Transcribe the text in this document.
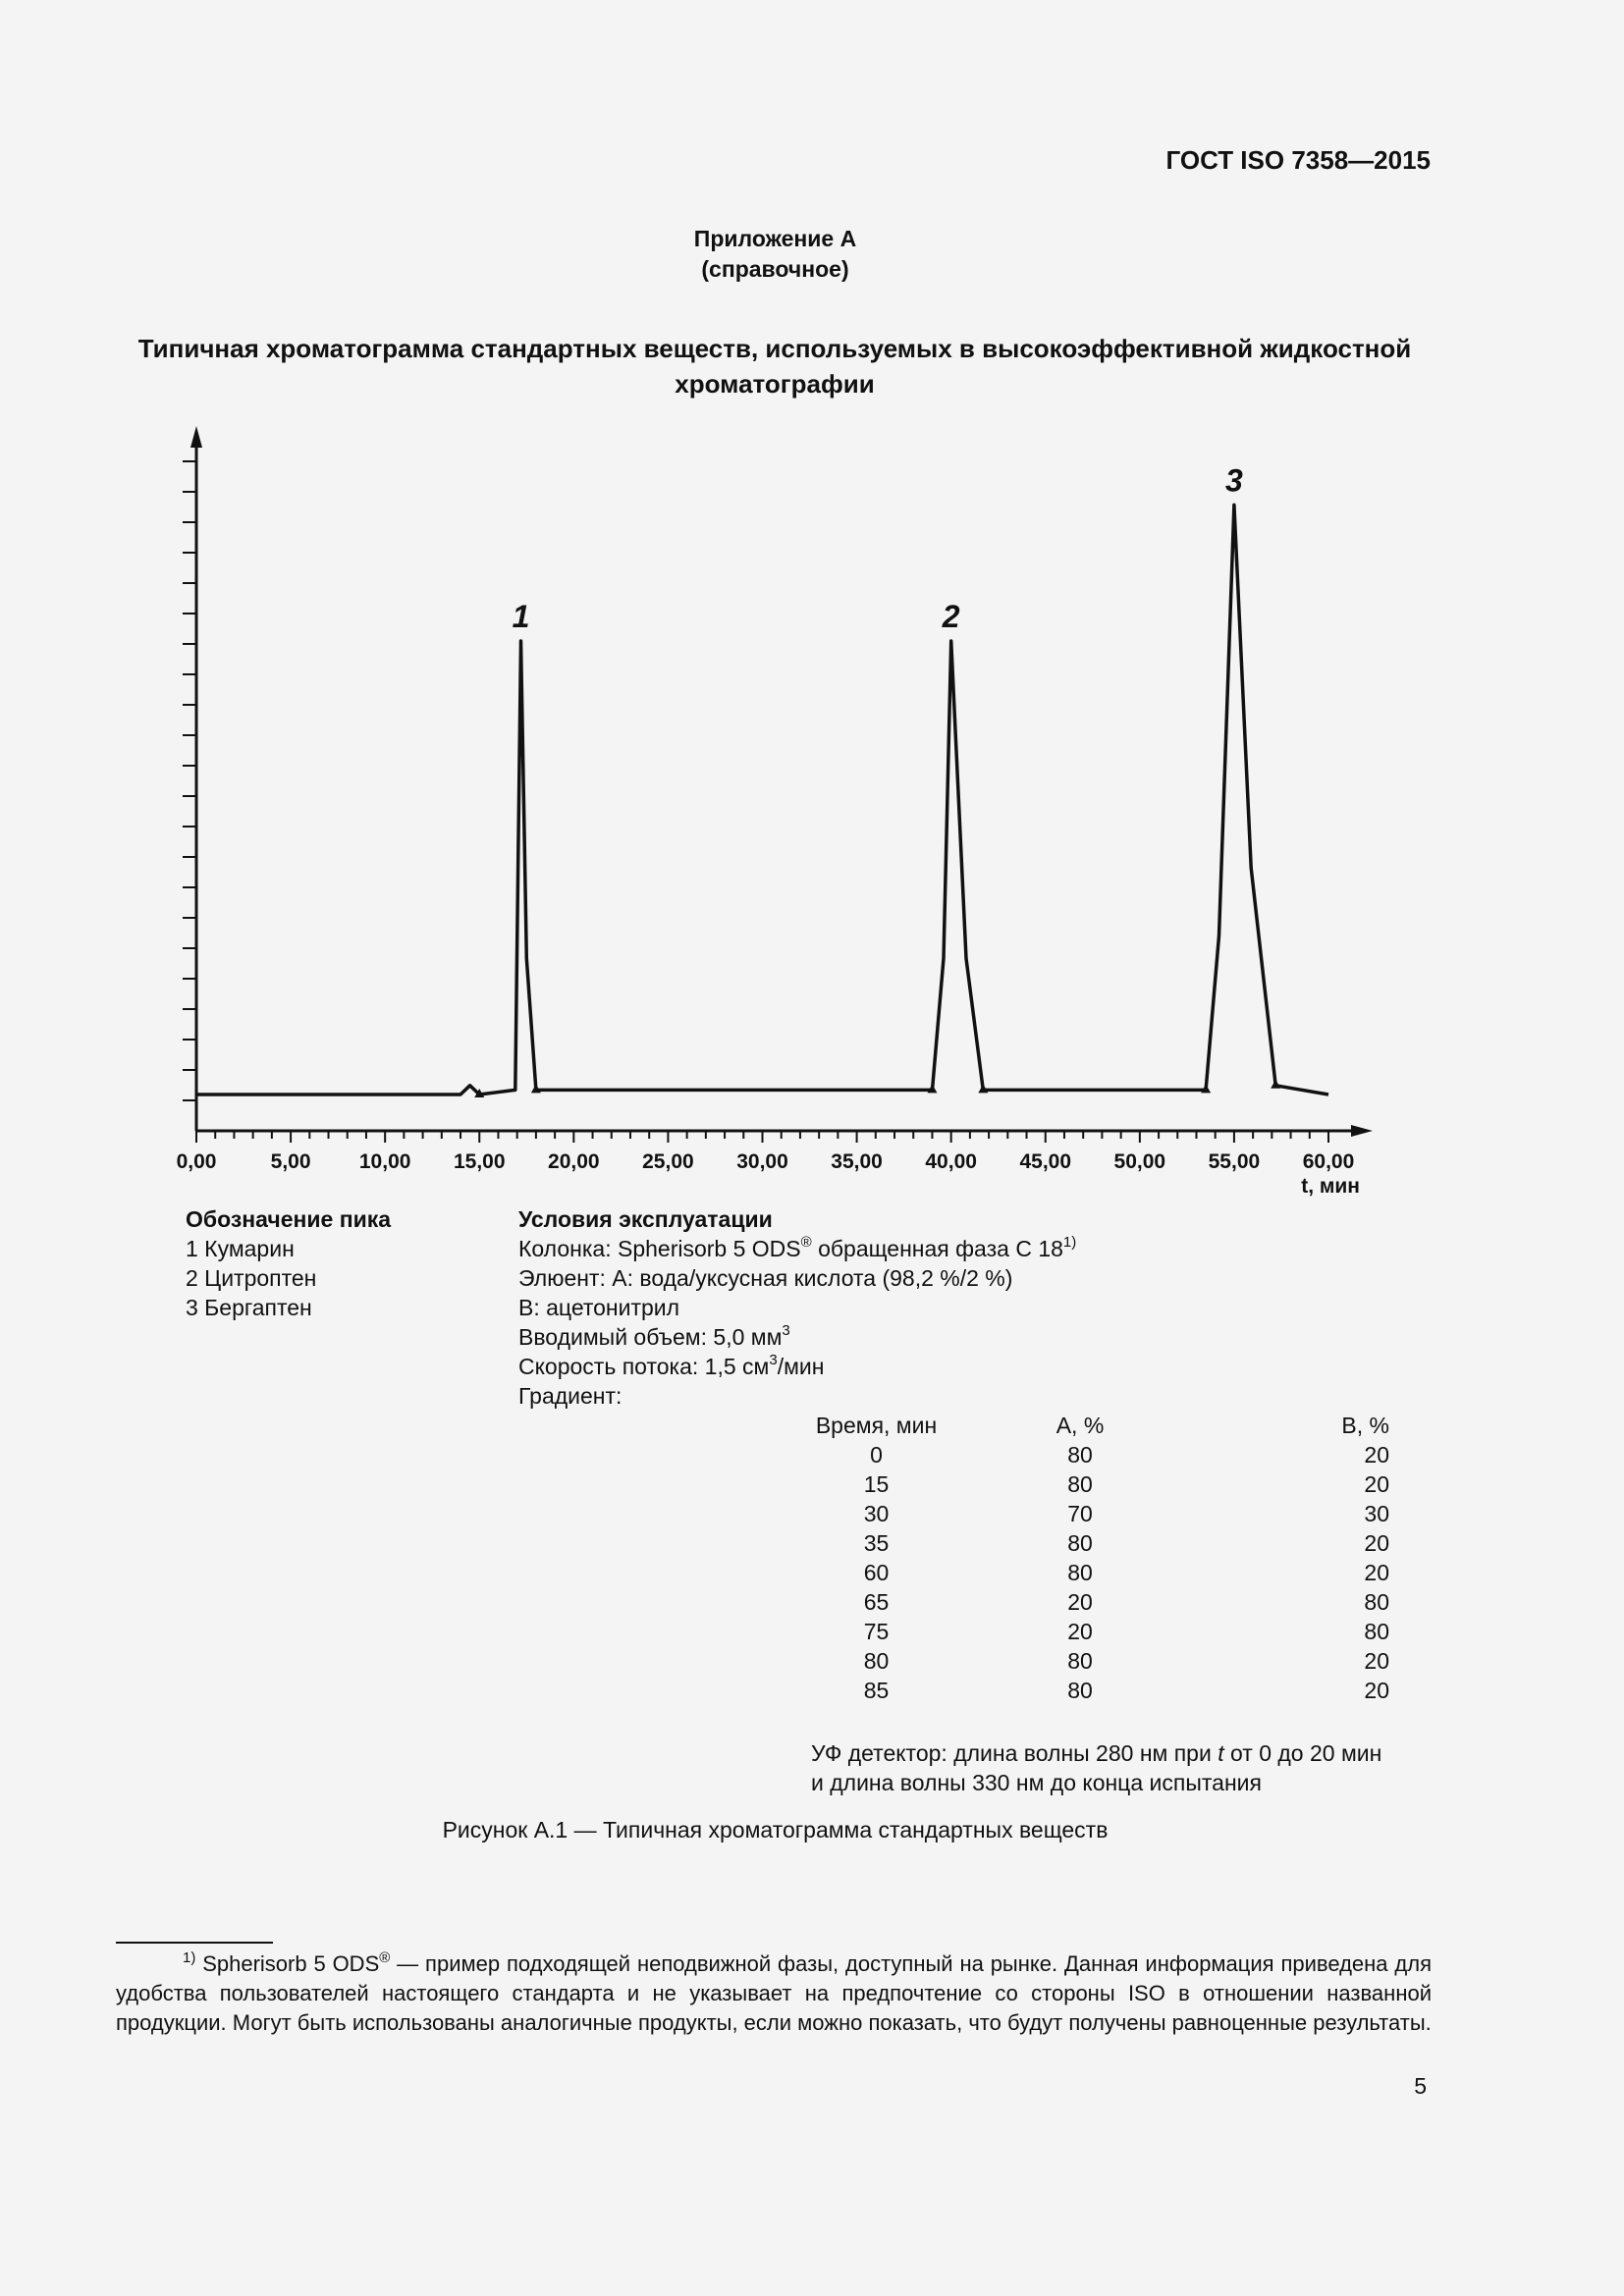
ГОСТ ISO 7358—2015
Приложение А
(справочное)
Типичная хроматограмма стандартных веществ, используемых в высокоэффективной жидкостной хроматографии
0,00	5,00 10,00 15,00 20,00 25,00 30,00 35,00 40,00 45,00 50,00 55,00 60,00
1	2
3
t, мин
Обозначение пика
1 Кумарин
2 Цитроптен
3 Бергаптен
Условия эксплуатации
Колонка: Spherisorb 5 ODS® обращенная фаза С 18$^{1)}$
Элюент: А: вода/уксусная кислота (98,2 %/2 %)
В: ацетонитрил
Вводимый объем: 5,0 $мм^3$
Скорость потока: 1,5 $см^3$/мин
Градиент:
Время, мин	А, %	В, %
0	80	20
15	80	20
30	70	30
35	80	20
60	80	20
65	20	80
75	20	80
80	80	20
85	80	20
УФ детектор: длина волны 280 нм при t от 0 до 20 мин
и длина волны 330 нм до конца испытания
Рисунок А.1 — Типичная хроматограмма стандартных веществ
$^{1)}$ Spherisorb 5 ODS® — пример подходящей неподвижной фазы, доступный на рынке. Данная информация приведена для удобства пользователей настоящего стандарта и не указывает на предпочтение со стороны ISO в отношении названной продукции. Могут быть использованы аналогичные продукты, если можно показать, что будут получены равноценные результаты.
5
